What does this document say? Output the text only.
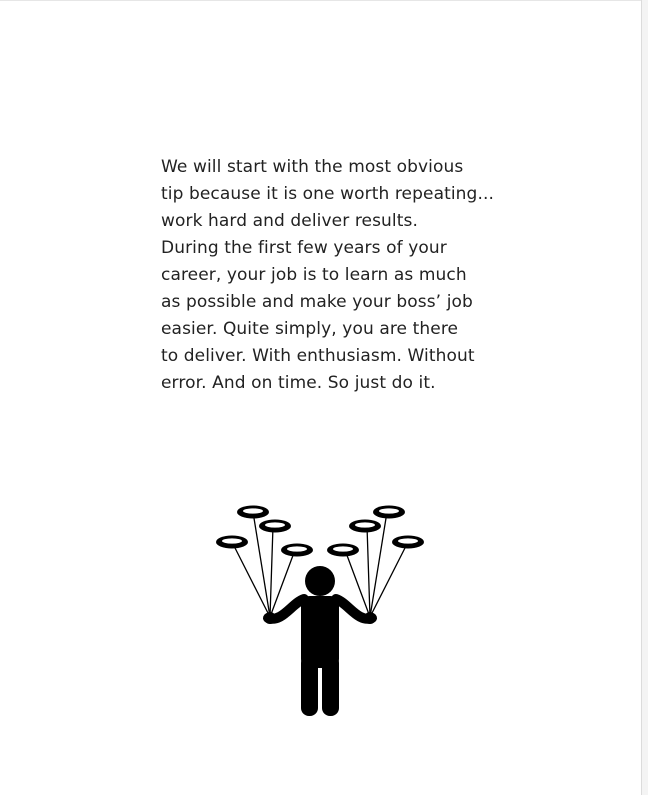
We will start with the most obvious
tip because it is one worth repeating...
work hard and deliver results.
During the first few years of your
career, your job is to learn as much
as possible and make your boss’ job
easier. Quite simply, you are there
to deliver. With enthusiasm. Without
error. And on time. So just do it.
